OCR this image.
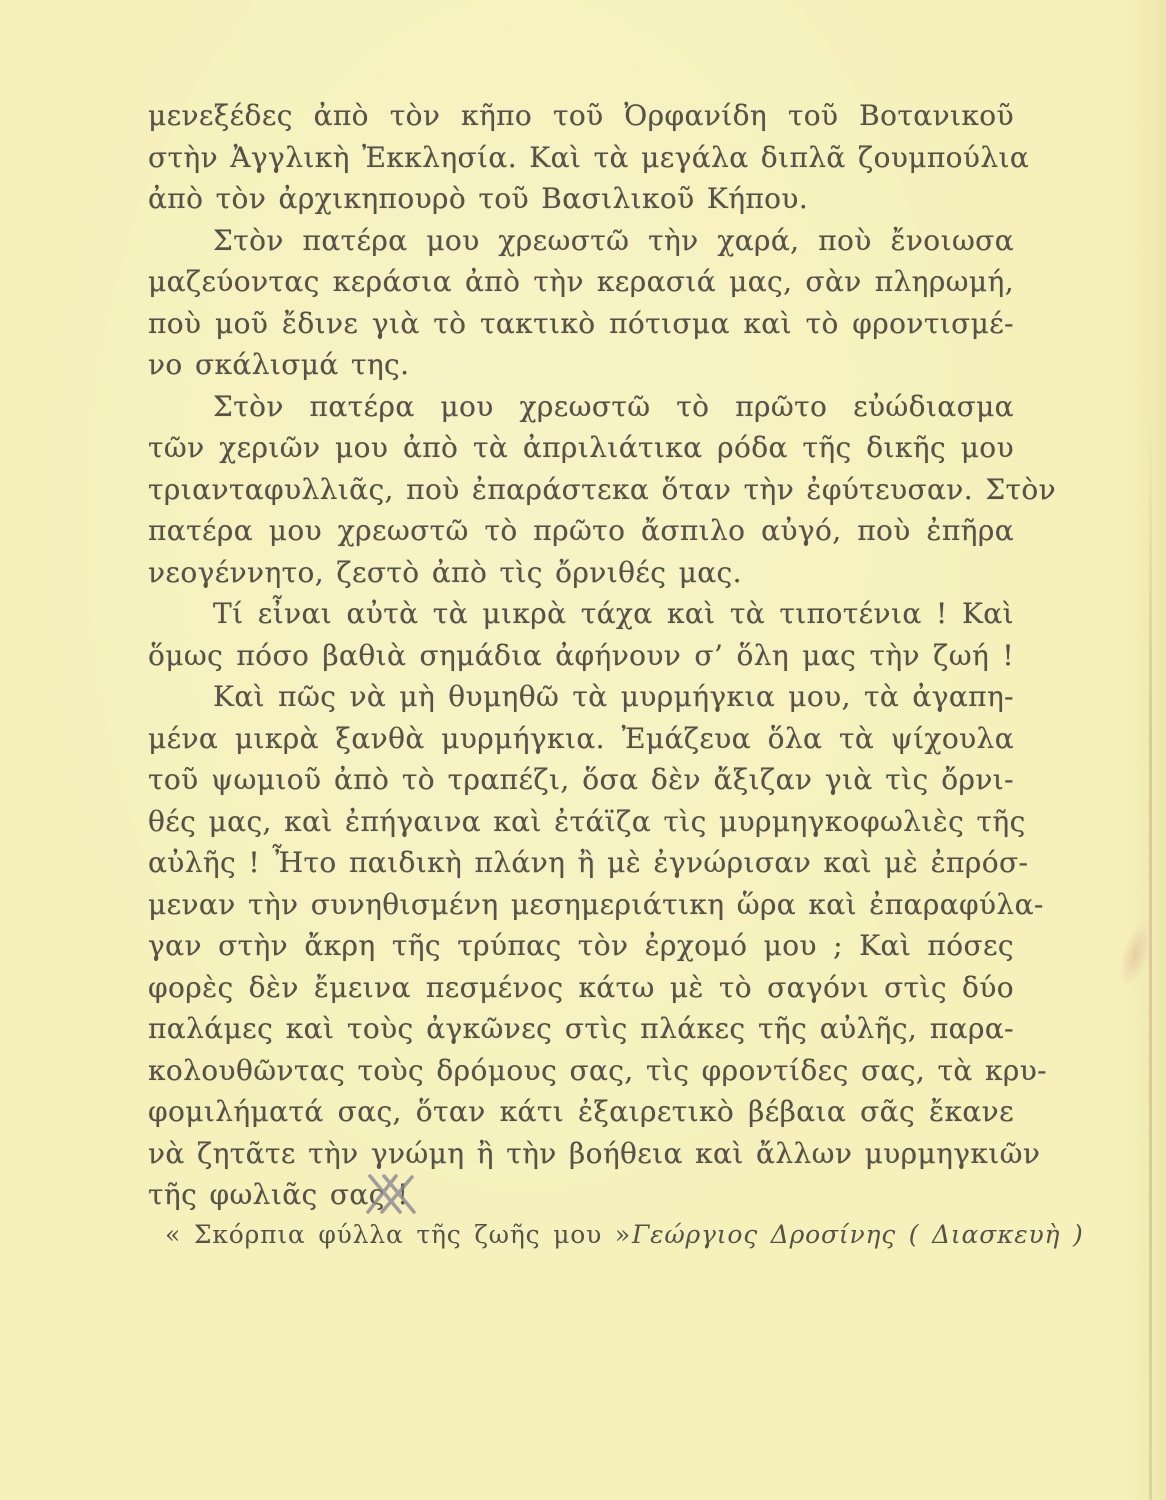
μενεξέδες ἀπὸ τὸν κῆπο τοῦ Ὀρφανίδη τοῦ Βοτανικοῦ
στὴν Ἀγγλικὴ Ἐκκλησία. Καὶ τὰ μεγάλα διπλᾶ ζουμπούλια
ἀπὸ τὸν ἀρχικηπουρὸ τοῦ Βασιλικοῦ Κήπου.
Στὸν πατέρα μου χρεωστῶ τὴν χαρά, ποὺ ἔνοιωσα
μαζεύοντας κεράσια ἀπὸ τὴν κερασιά μας, σὰν πληρωμή,
ποὺ μοῦ ἔδινε γιὰ τὸ τακτικὸ πότισμα καὶ τὸ φροντισμέ-
νο σκάλισμά της.
Στὸν πατέρα μου χρεωστῶ τὸ πρῶτο εὐώδιασμα
τῶν χεριῶν μου ἀπὸ τὰ ἀπριλιάτικα ρόδα τῆς δικῆς μου
τριανταφυλλιᾶς, ποὺ ἐπαράστεκα ὅταν τὴν ἐφύτευσαν. Στὸν
πατέρα μου χρεωστῶ τὸ πρῶτο ἄσπιλο αὐγό, ποὺ ἐπῆρα
νεογέννητο, ζεστὸ ἀπὸ τὶς ὄρνιθές μας.
Τί εἶναι αὐτὰ τὰ μικρὰ τάχα καὶ τὰ τιποτένια ! Καὶ
ὅμως πόσο βαθιὰ σημάδια ἀφήνουν σ’ ὅλη μας τὴν ζωή !
Καὶ πῶς νὰ μὴ θυμηθῶ τὰ μυρμήγκια μου, τὰ ἀγαπη-
μένα μικρὰ ξανθὰ μυρμήγκια. Ἐμάζευα ὅλα τὰ ψίχουλα
τοῦ ψωμιοῦ ἀπὸ τὸ τραπέζι, ὅσα δὲν ἄξιζαν γιὰ τὶς ὄρνι-
θές μας, καὶ ἐπήγαινα καὶ ἐτάϊζα τὶς μυρμηγκοφωλιὲς τῆς
αὐλῆς ! Ἦτο παιδικὴ πλάνη ἢ μὲ ἐγνώρισαν καὶ μὲ ἐπρόσ-
μεναν τὴν συνηθισμένη μεσημεριάτικη ὥρα καὶ ἐπαραφύλα-
γαν στὴν ἄκρη τῆς τρύπας τὸν ἐρχομό μου ; Καὶ πόσες
φορὲς δὲν ἔμεινα πεσμένος κάτω μὲ τὸ σαγόνι στὶς δύο
παλάμες καὶ τοὺς ἀγκῶνες στὶς πλάκες τῆς αὐλῆς, παρα-
κολουθῶντας τοὺς δρόμους σας, τὶς φροντίδες σας, τὰ κρυ-
φομιλήματά σας, ὅταν κάτι ἐξαιρετικὸ βέβαια σᾶς ἔκανε
νὰ ζητᾶτε τὴν γνώμη ἢ τὴν βοήθεια καὶ ἄλλων μυρμηγκιῶν
τῆς φωλιᾶς σας !
« Σκόρπια φύλλα τῆς ζωῆς μου » Γεώργιος Δροσίνης ( Διασκευὴ )
